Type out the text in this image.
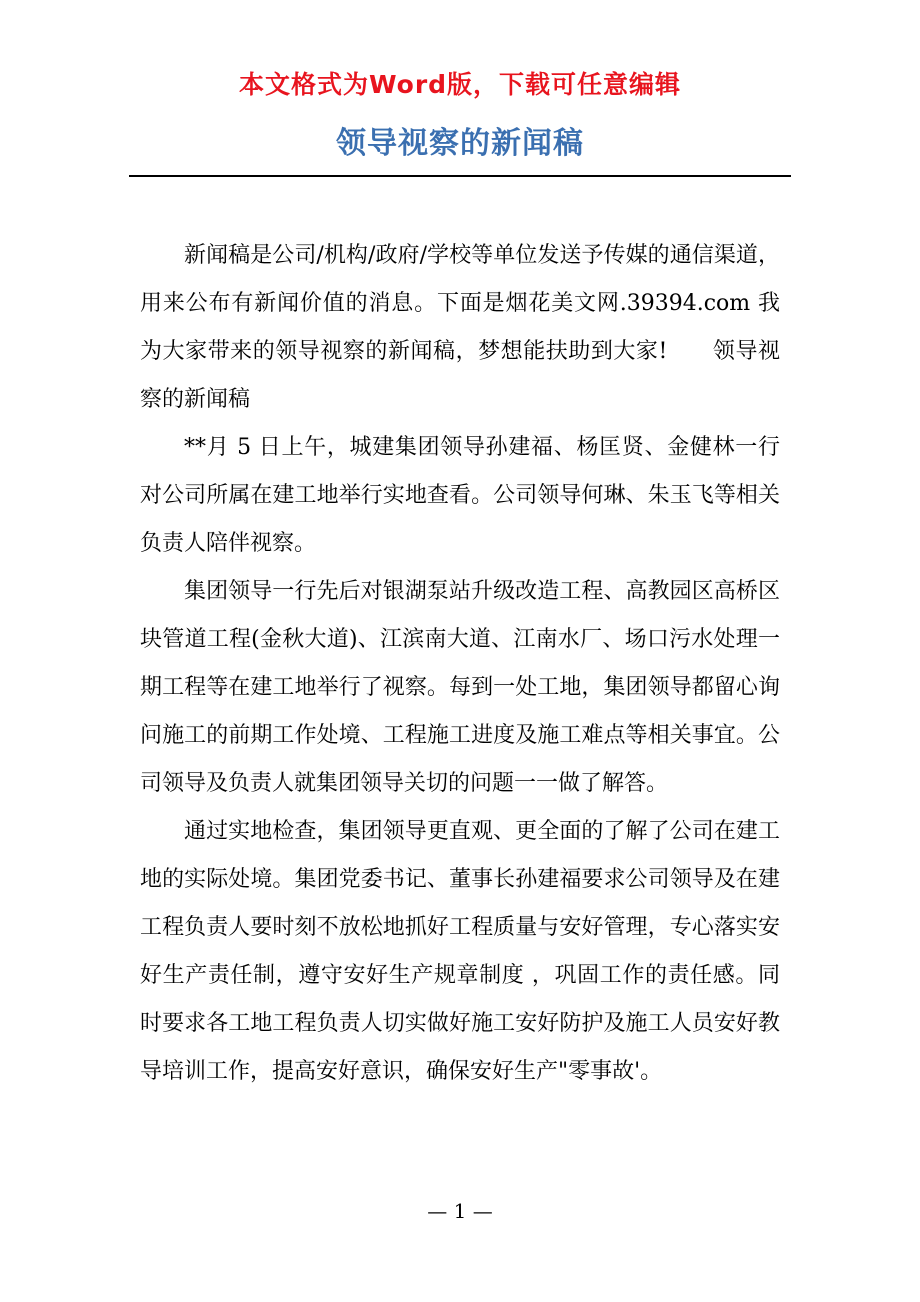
本文格式为Word版，下载可任意编辑
领导视察的新闻稿

新闻稿是公司/机构/政府/学校等单位发送予传媒的通信渠道，用来公布有新闻价值的消息。下面是烟花美文网.39394.com 我为大家带来的领导视察的新闻稿，梦想能扶助到大家!　　领导视察的新闻稿

**月 5 日上午，城建集团领导孙建福、杨匡贤、金健林一行对公司所属在建工地举行实地查看。公司领导何琳、朱玉飞等相关负责人陪伴视察。

集团领导一行先后对银湖泵站升级改造工程、高教园区高桥区块管道工程(金秋大道)、江滨南大道、江南水厂、场口污水处理一期工程等在建工地举行了视察。每到一处工地，集团领导都留心询问施工的前期工作处境、工程施工进度及施工难点等相关事宜。公司领导及负责人就集团领导关切的问题一一做了解答。

通过实地检查，集团领导更直观、更全面的了解了公司在建工地的实际处境。集团党委书记、董事长孙建福要求公司领导及在建工程负责人要时刻不放松地抓好工程质量与安好管理，专心落实安好生产责任制，遵守安好生产规章制度 ，巩固工作的责任感。同时要求各工地工程负责人切实做好施工安好防护及施工人员安好教导培训工作，提高安好意识，确保安好生产"零事故'。

— 1 —
